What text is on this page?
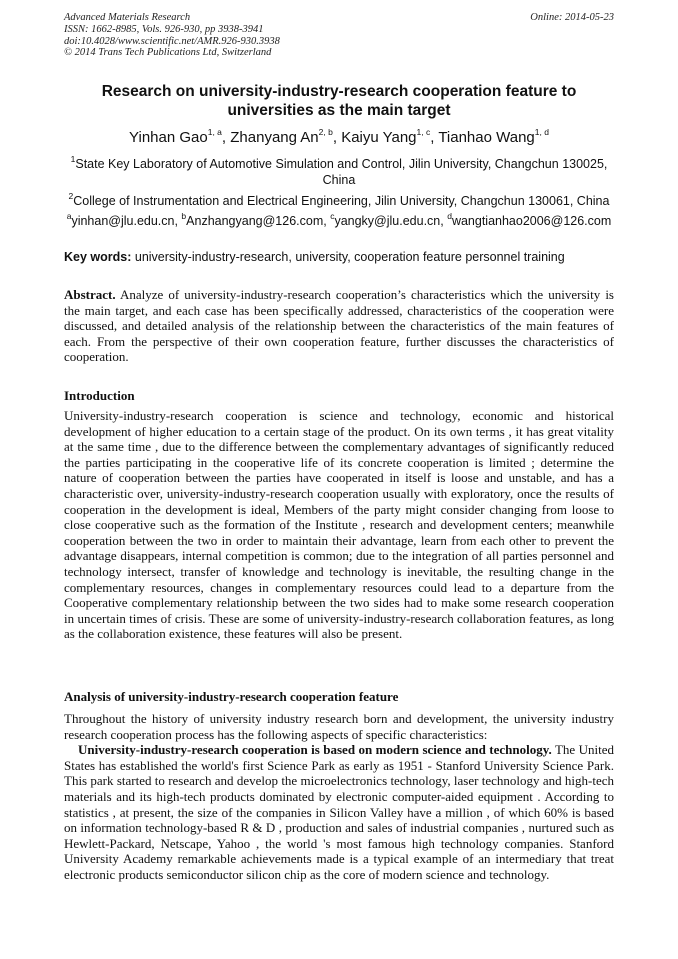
Advanced Materials Research
ISSN: 1662-8985, Vols. 926-930, pp 3938-3941
doi:10.4028/www.scientific.net/AMR.926-930.3938
© 2014 Trans Tech Publications Ltd, Switzerland
Online: 2014-05-23
Research on university-industry-research cooperation feature to
universities as the main target
Yinhan Gao$^{1, a}$, Zhanyang An$^{2, b}$, Kaiyu Yang$^{1, c}$, Tianhao Wang$^{1, d}$
$^1$State Key Laboratory of Automotive Simulation and Control, Jilin University, Changchun 130025, China
$^2$College of Instrumentation and Electrical Engineering, Jilin University, Changchun 130061, China
$^a$yinhan@jlu.edu.cn, $^b$Anzhangyang@126.com, $^c$yangky@jlu.edu.cn, $^d$wangtianhao2006@126.com
Key words: university-industry-research, university, cooperation feature personnel training
Abstract. Analyze of university-industry-research cooperation’s characteristics which the university is the main target, and each case has been specifically addressed, characteristics of the cooperation were discussed, and detailed analysis of the relationship between the characteristics of the main features of each. From the perspective of their own cooperation feature, further discusses the characteristics of cooperation.
Introduction
University-industry-research cooperation is science and technology, economic and historical development of higher education to a certain stage of the product. On its own terms , it has great vitality at the same time , due to the difference between the complementary advantages of significantly reduced the parties participating in the cooperative life of its concrete cooperation is limited ; determine the nature of cooperation between the parties have cooperated in itself is loose and unstable, and has a characteristic over, university-industry-research cooperation usually with exploratory, once the results of cooperation in the development is ideal, Members of the party might consider changing from loose to close cooperative such as the formation of the Institute , research and development centers; meanwhile cooperation between the two in order to maintain their advantage, learn from each other to prevent the advantage disappears, internal competition is common; due to the integration of all parties personnel and technology intersect, transfer of knowledge and technology is inevitable, the resulting change in the complementary resources, changes in complementary resources could lead to a departure from the Cooperative complementary relationship between the two sides had to make some research cooperation in uncertain times of crisis. These are some of university-industry-research collaboration features, as long as the collaboration existence, these features will also be present.
Analysis of university-industry-research cooperation feature

Throughout the history of university industry research born and development, the university industry research cooperation process has the following aspects of specific characteristics:

University-industry-research cooperation is based on modern science and technology. The United States has established the world's first Science Park as early as 1951 - Stanford University Science Park. This park started to research and develop the microelectronics technology, laser technology and high-tech materials and its high-tech products dominated by electronic computer-aided equipment . According to statistics , at present, the size of the companies in Silicon Valley have a million , of which 60% is based on information technology-based R & D , production and sales of industrial companies , nurtured such as Hewlett-Packard, Netscape, Yahoo , the world 's most famous high technology companies. Stanford University Academy remarkable achievements made is a typical example of an intermediary that treat electronic products semiconductor silicon chip as the core of modern science and technology.
